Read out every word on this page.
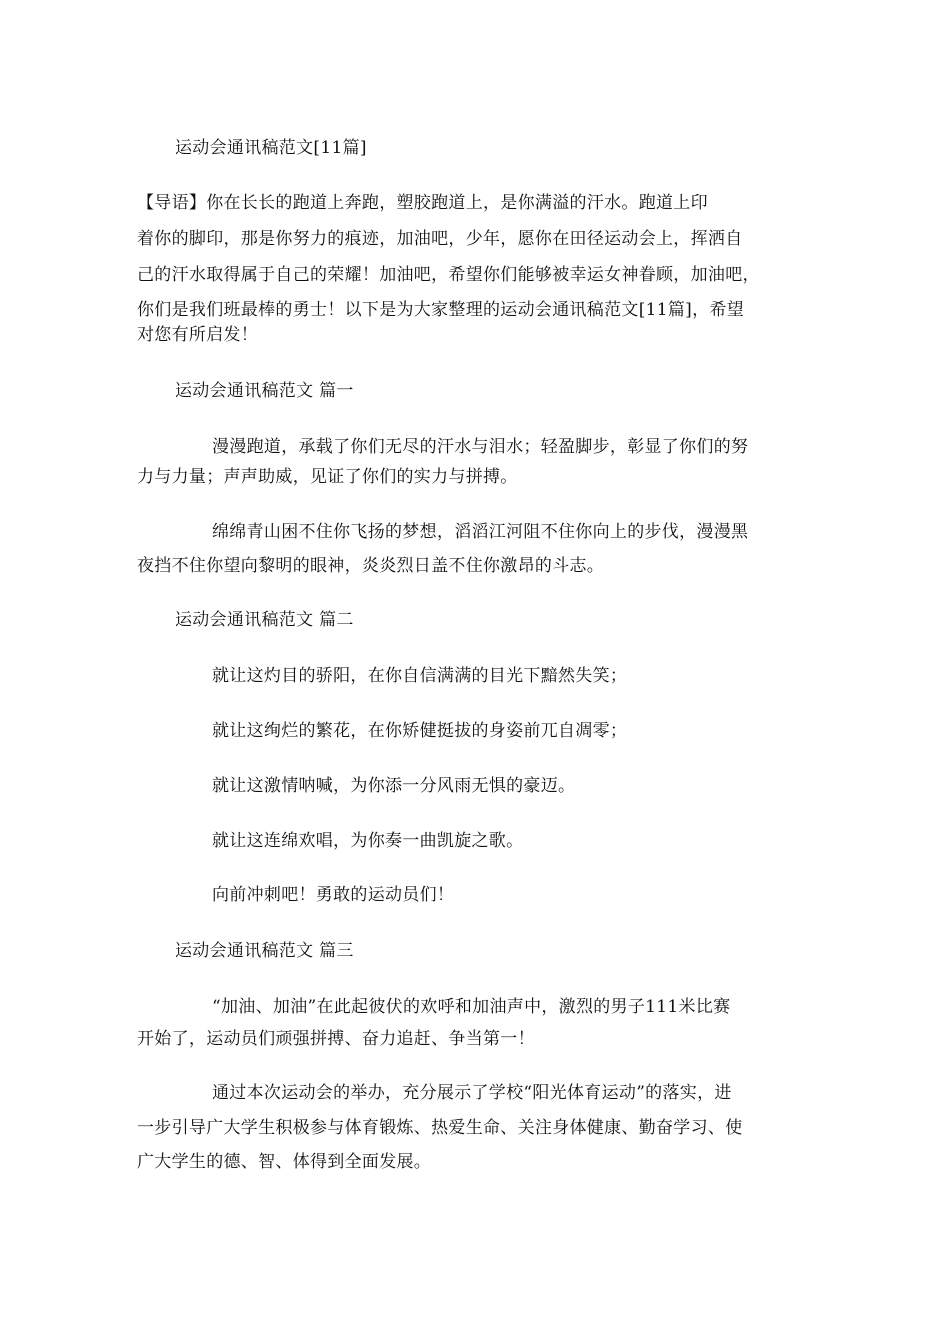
运动会通讯稿范文[11篇]
【导语】你在长长的跑道上奔跑，塑胶跑道上，是你满溢的汗水。跑道上印
着你的脚印，那是你努力的痕迹，加油吧，少年，愿你在田径运动会上，挥洒自
己的汗水取得属于自己的荣耀！加油吧，希望你们能够被幸运女神眷顾，加油吧，
你们是我们班最棒的勇士！以下是为大家整理的运动会通讯稿范文[11篇]，希望
对您有所启发！
运动会通讯稿范文 篇一
漫漫跑道，承载了你们无尽的汗水与泪水；轻盈脚步，彰显了你们的努
力与力量；声声助威，见证了你们的实力与拼搏。
绵绵青山困不住你飞扬的梦想，滔滔江河阻不住你向上的步伐，漫漫黑
夜挡不住你望向黎明的眼神，炎炎烈日盖不住你激昂的斗志。
运动会通讯稿范文 篇二
就让这灼目的骄阳，在你自信满满的目光下黯然失笑；
就让这绚烂的繁花，在你矫健挺拔的身姿前兀自凋零；
就让这激情呐喊，为你添一分风雨无惧的豪迈。
就让这连绵欢唱，为你奏一曲凯旋之歌。
向前冲刺吧！勇敢的运动员们！
运动会通讯稿范文 篇三
“加油、加油”在此起彼伏的欢呼和加油声中，激烈的男子111米比赛
开始了，运动员们顽强拼搏、奋力追赶、争当第一！
通过本次运动会的举办，充分展示了学校“阳光体育运动”的落实，进
一步引导广大学生积极参与体育锻炼、热爱生命、关注身体健康、勤奋学习、使
广大学生的德、智、体得到全面发展。
